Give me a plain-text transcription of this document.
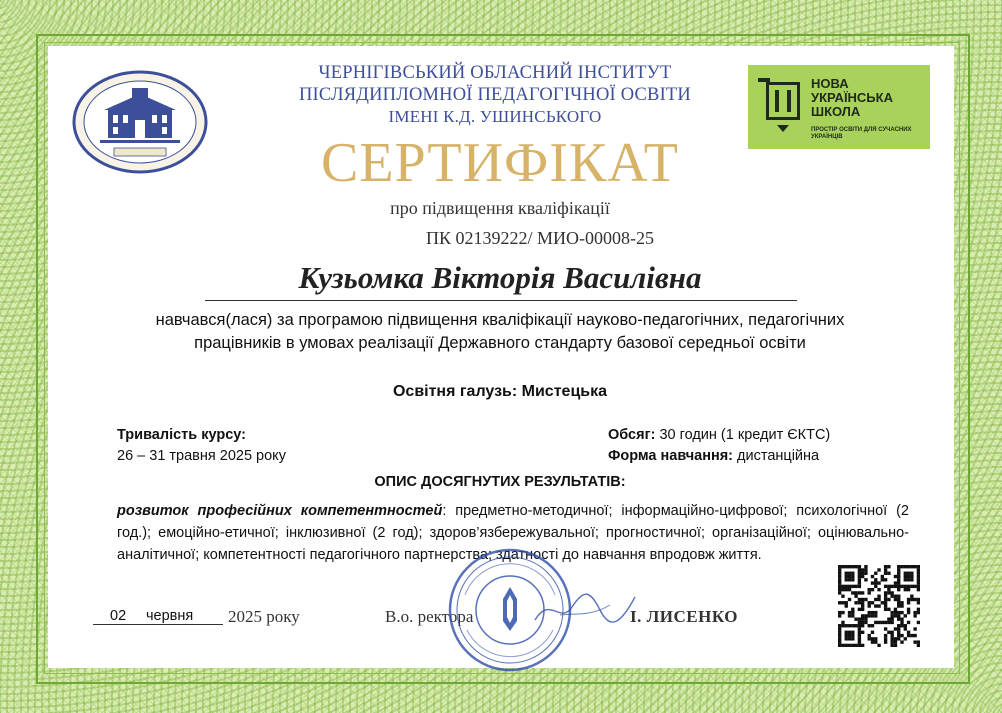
ЧЕРНІГІВСЬКИЙ ОБЛАСНИЙ ІНСТИТУТ
ПІСЛЯДИПЛОМНОЇ ПЕДАГОГІЧНОЇ ОСВІТИ
ІМЕНІ К.Д. УШИНСЬКОГО
НОВА
УКРАЇНСЬКА
ШКОЛА
ПРОСТІР ОСВІТИ ДЛЯ СУЧАСНИХ УКРАЇНЦІВ
СЕРТИФІКАТ
про підвищення кваліфікації
ПК 02139222/ МИО-00008-25
Кузьомка Вікторія Василівна
навчався(лася) за програмою підвищення кваліфікації науково-педагогічних, педагогічних працівників в умовах реалізації Державного стандарту базової середньої освіти
Освітня галузь: Мистецька
Тривалість курсу:
26 – 31 травня 2025 року
Обсяг: 30 годин (1 кредит ЄКТС)
Форма навчання: дистанційна
ОПИС ДОСЯГНУТИХ РЕЗУЛЬТАТІВ:
розвиток професійних компетентностей: предметно-методичної; інформаційно-цифрової; психологічної (2 год.); емоційно-етичної; інклюзивної (2 год); здоров’язбережувальної; прогностичної; організаційної; оцінювально-аналітичної; компетентності педагогічного партнерства; здатності до навчання впродовж життя.
02 червня 2025 року	В.о. ректора	І. ЛИСЕНКО
